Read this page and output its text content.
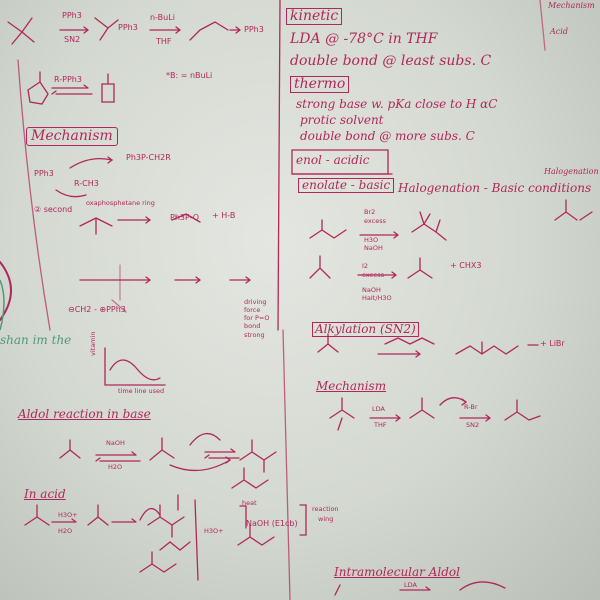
PPh3
SN2
PPh3
n-BuLi
THF
PPh3
R-PPh3	*B: = nBuLi
Mechanism
PPh3
R-CH3
Ph3P-CH2R
② second
oxaphosphetane ring
Ph3P-O + H-B
⊖CH2 - ⊕PPh3
driving
force
for P=O
bond
strong
kinetic
LDA @ -78°C in THF
double bond @ least subs. C
thermo
strong base w. pKa close to H αC
protic solvent
double bond @ more subs. C
enol - acidic
enolate - basic Halogenation - Basic conditions
Br2
excess
H3O
NaOH
I2
excess
NaOH
HaIt/H3O
+ CHX3
Halogenation
Alkylation (SN2)
+ LiBr
Mechanism
LDA
THF
R-Br
SN2
shan im the	vitamin
time line used
Aldol reaction in base
NaOH
H2O
In acid
H3O+
H2O	H3O+
NaOH (E1cb)
heat
reaction
wing
Intramolecular Aldol
LDA
Mechanism
Acid
